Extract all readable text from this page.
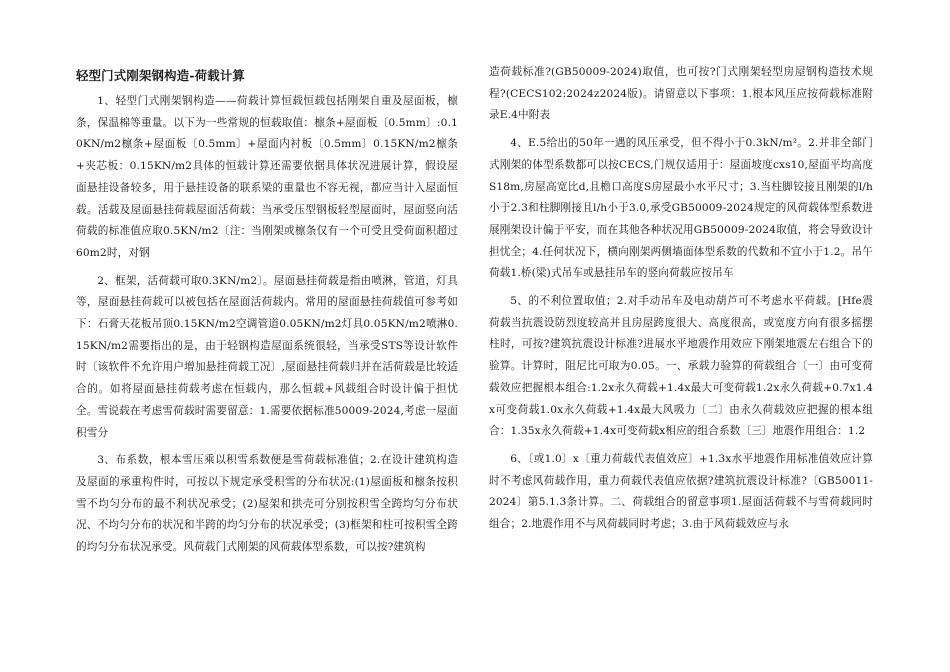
轻型门式刚架钢构造-荷载计算

1、轻型门式刚架钢构造——荷载计算恒载恒载包括刚架自重及屋面板，檩条，保温棉等重量。以下为一些常规的恒载取值：檩条+屋面板〔0.5mm〕:0.10KN/m2檩条+屋面板〔0.5mm〕+屋面内衬板〔0.5mm〕0.15KN/m2檩条+夹芯板：0.15KN/m2具体的恒载计算还需要依据具体状况进展计算，假设屋面悬挂设备较多，用于悬挂设备的联系梁的重量也不容无视，都应当计入屋面恒载。活载及屋面悬挂荷载屋面活荷载：当承受压型钢板轻型屋面时，屋面竖向活荷载的标准值应取0.5KN/m2〔注：当刚架或檩条仅有一个可受且受荷面积超过60m2时，对钢

2、框架，活荷载可取0.3KN/m2〕。屋面悬挂荷载是指由喷淋，管道，灯具等，屋面悬挂荷载可以被包括在屋面活荷载内。常用的屋面悬挂荷载值可参考如下：石膏天花板吊顶0.15KN/m2空调管道0.05KN/m2灯具0.05KN/m2喷淋0.15KN/m2需要指出的是，由于轻钢构造屋面系统很轻，当承受STS等设计软件时〔该软件不允许用户增加悬挂荷载工况〕,屋面悬挂荷载归并在活荷载是比较适合的。如将屋面悬挂荷载考虑在恒载内，那么恒载+风载组合时设计偏于担忧全。雪说载在考虑雪荷载时需要留意：1.需要依据标准50009-2024,考虑一屋面积雪分

3、布系数，根本雪压乘以积雪系数便是雪荷载标准值；2.在设计建筑构造及屋面的承重构件时，可按以下规定承受积雪的分布状况:(1)屋面板和檩条按积雪不均匀分布的最不利状况承受；(2)屋架和拱壳可分别按积雪全跨均匀分布状况、不均匀分布的状况和半跨的均匀分布的状况承受；(3)框架和柱可按积雪全跨的均匀分布状况承受。风荷载门式刚架的风荷载体型系数，可以按?建筑构

造荷载标准?(GB50009-2024)取值，也可按?门式刚架轻型房屋钢构造技术规程?(CECS102:2024z2024版)。请留意以下事项：1.根本风压应按荷载标准附录E.4中附表

4、E.5给出的50年一遇的风压承受，但不得小于0.3kN/m²。2.并非全部门式刚架的体型系数都可以按CECS,门规仅适用于：屋面坡度cxs10,屋面平均高度S18m,房屋高宽比d,且檐口高度S房屋最小水平尺寸；3.当柱脚铰接且刚架的l/h小于2.3和柱脚刚接且l/h小于3.0,承受GB50009-2024规定的风荷载体型系数进展刚架设计偏于平安，而在其他各种状况用GB50009-2024取值，将会导致设计担忧全；4.任何状况下，横向刚架两侧墙面体型系数的代数和不宜小于1.2。吊午荷载1.桥(梁)式吊车或悬挂吊车的竖向荷载应按吊车

5、的不利位置取值；2.对手动吊车及电动葫芦可不考虑水平荷载。[Hfe震荷载当抗震设防烈度较高并且房屋跨度很大、高度很高，或宽度方向有很多摇摆柱时，可按?建筑抗震设计标准?进展水平地震作用效应下刚架地震左右组合下的验算。计算时，阻尼比可取为0.05。一、承载力验算的荷载组合〔一〕由可变荷载效应把握根本组合:1.2x永久荷载+1.4x最大可变荷载1.2x永久荷载+0.7x1.4x可变荷载1.0x永久荷载+1.4x最大风吸力〔二〕由永久荷载效应把握的根本组合：1.35x永久荷载+1.4x可变荷载x相应的组合系数〔三〕地震作用组合：1.2

6、〔或1.0〕x〔重力荷载代表值效应〕+1.3x水平地震作用标准值效应计算时不考虑风荷载作用，重力荷载代表值应依据?建筑抗震设计标准?〔GB50011-2024〕第5.1.3条计算。二、荷载组合的留意事项1.屋面活荷载不与雪荷载同时组合；2.地震作用不与风荷载同时考虑；3.由于风荷载效应与永
